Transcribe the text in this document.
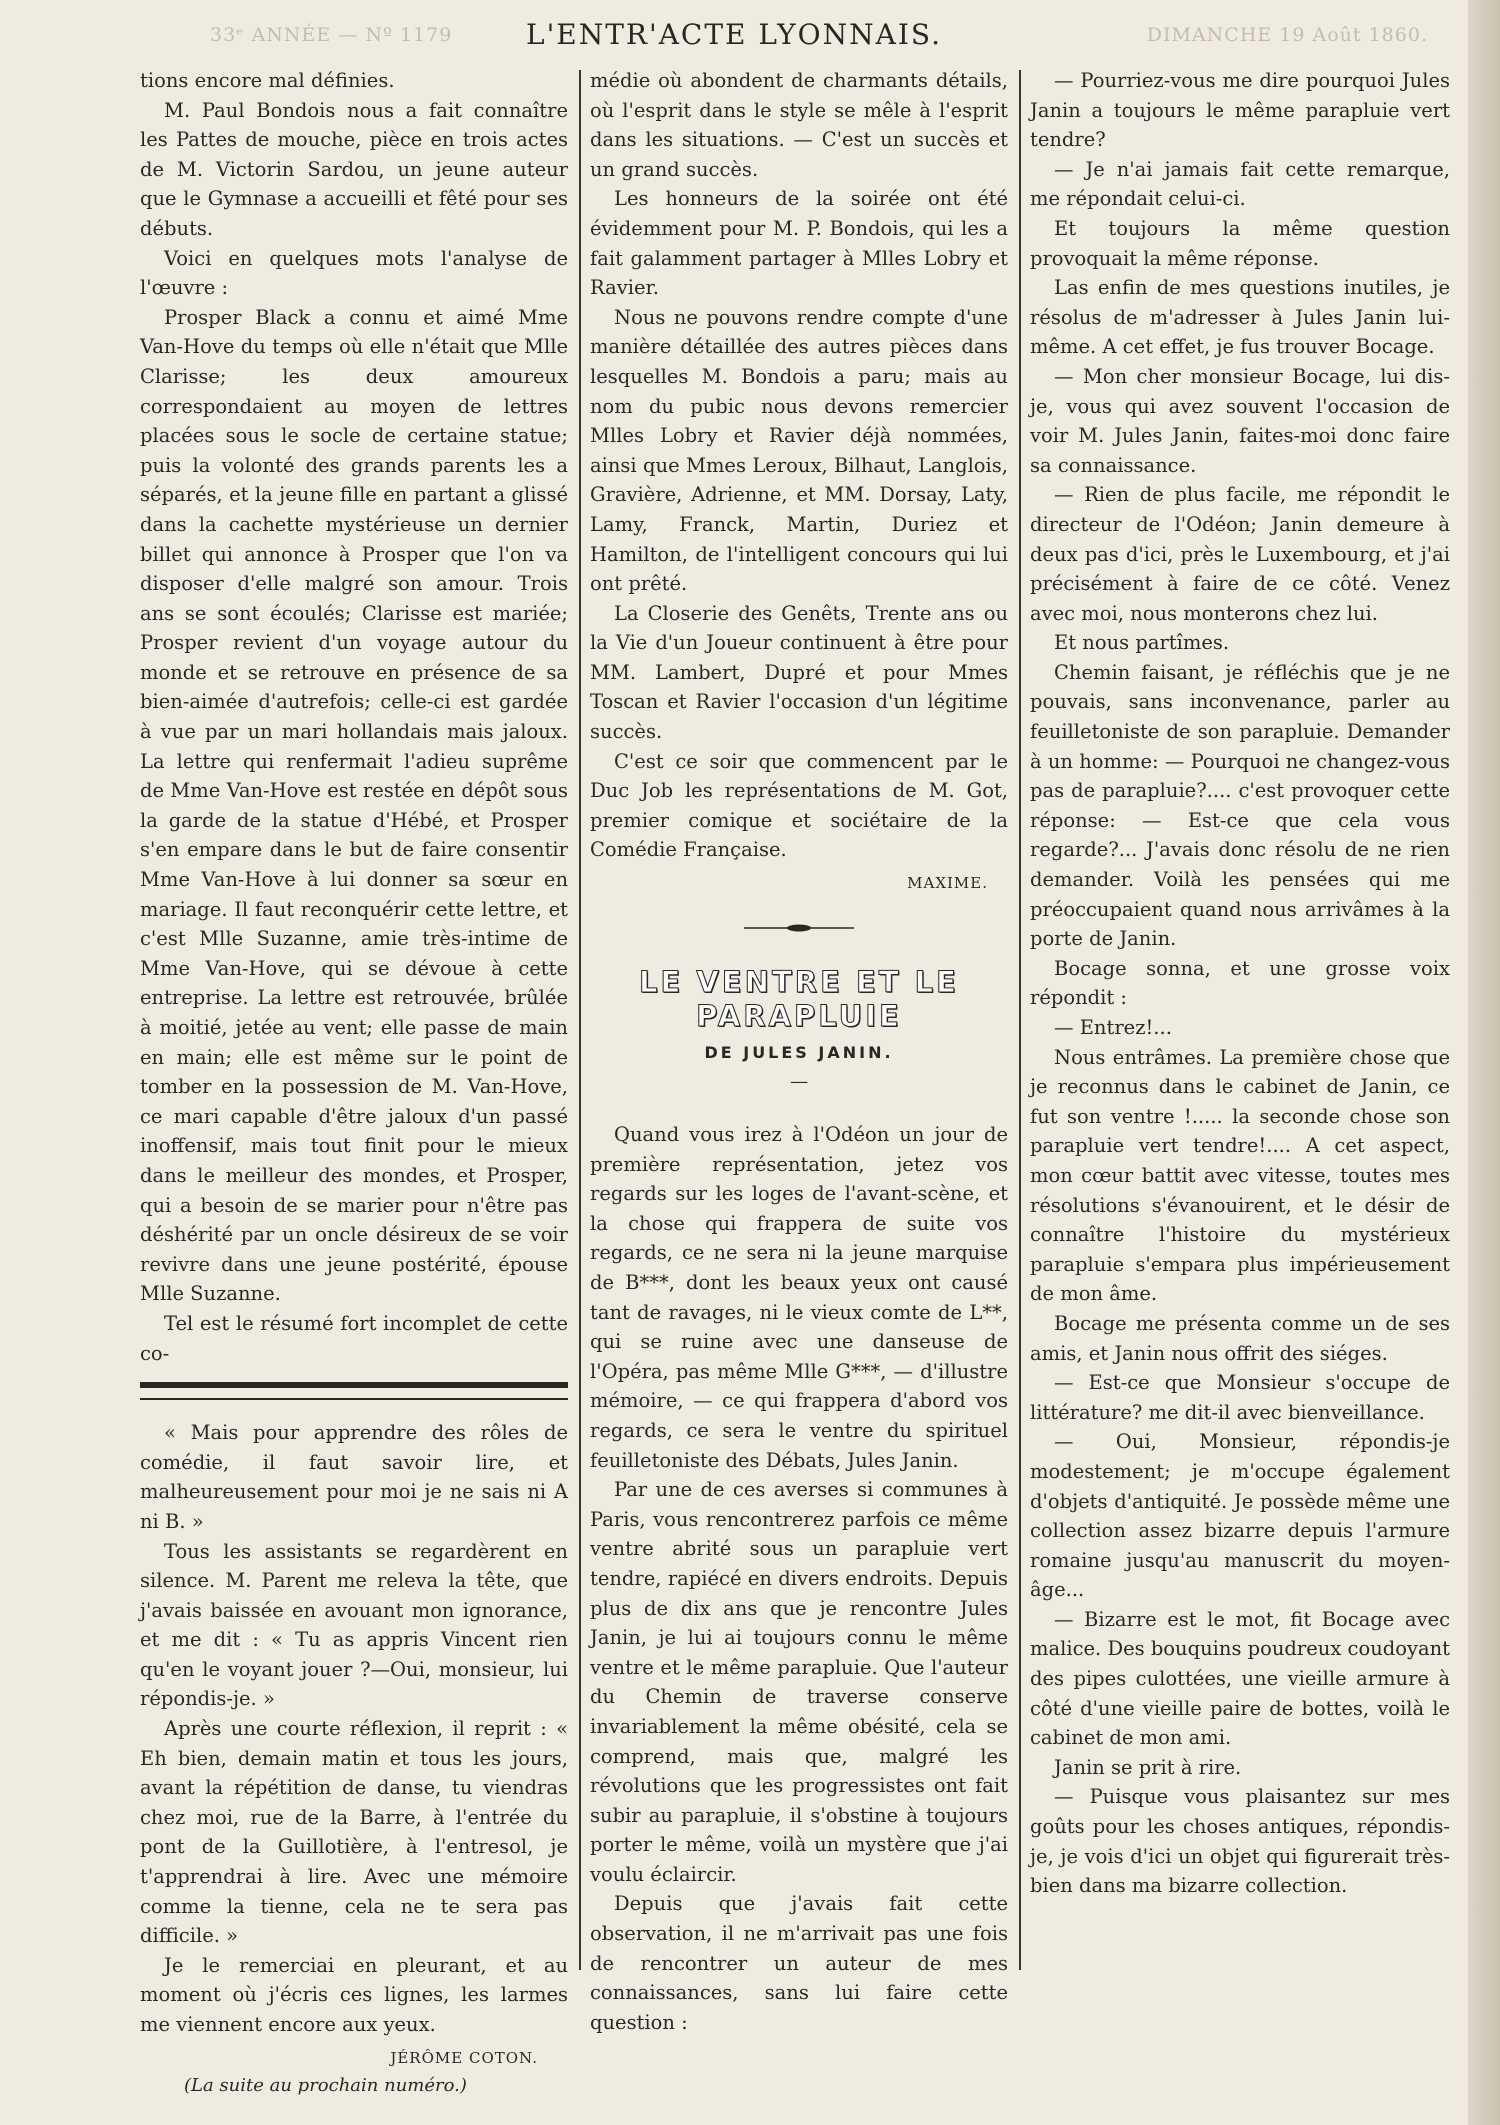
33ᵉ ANNÉE — Nº 1179	L'ENTR'ACTE LYONNAIS.	DIMANCHE 19 Août 1860.

tions encore mal définies.

M. Paul Bondois nous a fait connaître les Pattes de mouche, pièce en trois actes de M. Victorin Sardou, un jeune auteur que le Gymnase a accueilli et fêté pour ses débuts.

Voici en quelques mots l'analyse de l'œuvre :

Prosper Black a connu et aimé Mme Van-Hove du temps où elle n'était que Mlle Clarisse; les deux amoureux correspondaient au moyen de lettres placées sous le socle de certaine statue; puis la volonté des grands parents les a séparés, et la jeune fille en partant a glissé dans la cachette mystérieuse un dernier billet qui annonce à Prosper que l'on va disposer d'elle malgré son amour. Trois ans se sont écoulés; Clarisse est mariée; Prosper revient d'un voyage autour du monde et se retrouve en présence de sa bien-aimée d'autrefois; celle-ci est gardée à vue par un mari hollandais mais jaloux. La lettre qui renfermait l'adieu suprême de Mme Van-Hove est restée en dépôt sous la garde de la statue d'Hébé, et Prosper s'en empare dans le but de faire consentir Mme Van-Hove à lui donner sa sœur en mariage. Il faut reconquérir cette lettre, et c'est Mlle Suzanne, amie très-intime de Mme Van-Hove, qui se dévoue à cette entreprise. La lettre est retrouvée, brûlée à moitié, jetée au vent; elle passe de main en main; elle est même sur le point de tomber en la possession de M. Van-Hove, ce mari capable d'être jaloux d'un passé inoffensif, mais tout finit pour le mieux dans le meilleur des mondes, et Prosper, qui a besoin de se marier pour n'être pas déshérité par un oncle désireux de se voir revivre dans une jeune postérité, épouse Mlle Suzanne.

Tel est le résumé fort incomplet de cette co-

« Mais pour apprendre des rôles de comédie, il faut savoir lire, et malheureusement pour moi je ne sais ni A ni B. »

Tous les assistants se regardèrent en silence. M. Parent me releva la tête, que j'avais baissée en avouant mon ignorance, et me dit : « Tu as appris Vincent rien qu'en le voyant jouer ?—Oui, monsieur, lui répondis-je. »

Après une courte réflexion, il reprit : « Eh bien, demain matin et tous les jours, avant la répétition de danse, tu viendras chez moi, rue de la Barre, à l'entrée du pont de la Guillotière, à l'entresol, je t'apprendrai à lire. Avec une mémoire comme la tienne, cela ne te sera pas difficile. »

Je le remerciai en pleurant, et au moment où j'écris ces lignes, les larmes me viennent encore aux yeux.

JÉRÔME COTON.
(La suite au prochain numéro.)

médie où abondent de charmants détails, où l'esprit dans le style se mêle à l'esprit dans les situations. — C'est un succès et un grand succès.

Les honneurs de la soirée ont été évidemment pour M. P. Bondois, qui les a fait galamment partager à Mlles Lobry et Ravier.

Nous ne pouvons rendre compte d'une manière détaillée des autres pièces dans lesquelles M. Bondois a paru; mais au nom du pubic nous devons remercier Mlles Lobry et Ravier déjà nommées, ainsi que Mmes Leroux, Bilhaut, Langlois, Gravière, Adrienne, et MM. Dorsay, Laty, Lamy, Franck, Martin, Duriez et Hamilton, de l'intelligent concours qui lui ont prêté.

La Closerie des Genêts, Trente ans ou la Vie d'un Joueur continuent à être pour MM. Lambert, Dupré et pour Mmes Toscan et Ravier l'occasion d'un légitime succès.

C'est ce soir que commencent par le Duc Job les représentations de M. Got, premier comique et sociétaire de la Comédie Française.

MAXIME.
LE VENTRE ET LE PARAPLUIE
DE JULES JANIN.
—

Quand vous irez à l'Odéon un jour de première représentation, jetez vos regards sur les loges de l'avant-scène, et la chose qui frappera de suite vos regards, ce ne sera ni la jeune marquise de B***, dont les beaux yeux ont causé tant de ravages, ni le vieux comte de L**, qui se ruine avec une danseuse de l'Opéra, pas même Mlle G***, — d'illustre mémoire, — ce qui frappera d'abord vos regards, ce sera le ventre du spirituel feuilletoniste des Débats, Jules Janin.

Par une de ces averses si communes à Paris, vous rencontrerez parfois ce même ventre abrité sous un parapluie vert tendre, rapiécé en divers endroits. Depuis plus de dix ans que je rencontre Jules Janin, je lui ai toujours connu le même ventre et le même parapluie. Que l'auteur du Chemin de traverse conserve invariablement la même obésité, cela se comprend, mais que, malgré les révolutions que les progressistes ont fait subir au parapluie, il s'obstine à toujours porter le même, voilà un mystère que j'ai voulu éclaircir.

Depuis que j'avais fait cette observation, il ne m'arrivait pas une fois de rencontrer un auteur de mes connaissances, sans lui faire cette question :

— Pourriez-vous me dire pourquoi Jules Janin a toujours le même parapluie vert tendre?

— Je n'ai jamais fait cette remarque, me répondait celui-ci.

Et toujours la même question provoquait la même réponse.

Las enfin de mes questions inutiles, je résolus de m'adresser à Jules Janin lui-même. A cet effet, je fus trouver Bocage.

— Mon cher monsieur Bocage, lui dis-je, vous qui avez souvent l'occasion de voir M. Jules Janin, faites-moi donc faire sa connaissance.

— Rien de plus facile, me répondit le directeur de l'Odéon; Janin demeure à deux pas d'ici, près le Luxembourg, et j'ai précisément à faire de ce côté. Venez avec moi, nous monterons chez lui.

Et nous partîmes.

Chemin faisant, je réfléchis que je ne pouvais, sans inconvenance, parler au feuilletoniste de son parapluie. Demander à un homme: — Pourquoi ne changez-vous pas de parapluie?.... c'est provoquer cette réponse: — Est-ce que cela vous regarde?... J'avais donc résolu de ne rien demander. Voilà les pensées qui me préoccupaient quand nous arrivâmes à la porte de Janin.

Bocage sonna, et une grosse voix répondit :

— Entrez!...

Nous entrâmes. La première chose que je reconnus dans le cabinet de Janin, ce fut son ventre !..... la seconde chose son parapluie vert tendre!.... A cet aspect, mon cœur battit avec vitesse, toutes mes résolutions s'évanouirent, et le désir de connaître l'histoire du mystérieux parapluie s'empara plus impérieusement de mon âme.

Bocage me présenta comme un de ses amis, et Janin nous offrit des siéges.

— Est-ce que Monsieur s'occupe de littérature? me dit-il avec bienveillance.

— Oui, Monsieur, répondis-je modestement; je m'occupe également d'objets d'antiquité. Je possède même une collection assez bizarre depuis l'armure romaine jusqu'au manuscrit du moyen-âge...

— Bizarre est le mot, fit Bocage avec malice. Des bouquins poudreux coudoyant des pipes culottées, une vieille armure à côté d'une vieille paire de bottes, voilà le cabinet de mon ami.

Janin se prit à rire.

— Puisque vous plaisantez sur mes goûts pour les choses antiques, répondis-je, je vois d'ici un objet qui figurerait très-bien dans ma bizarre collection.
